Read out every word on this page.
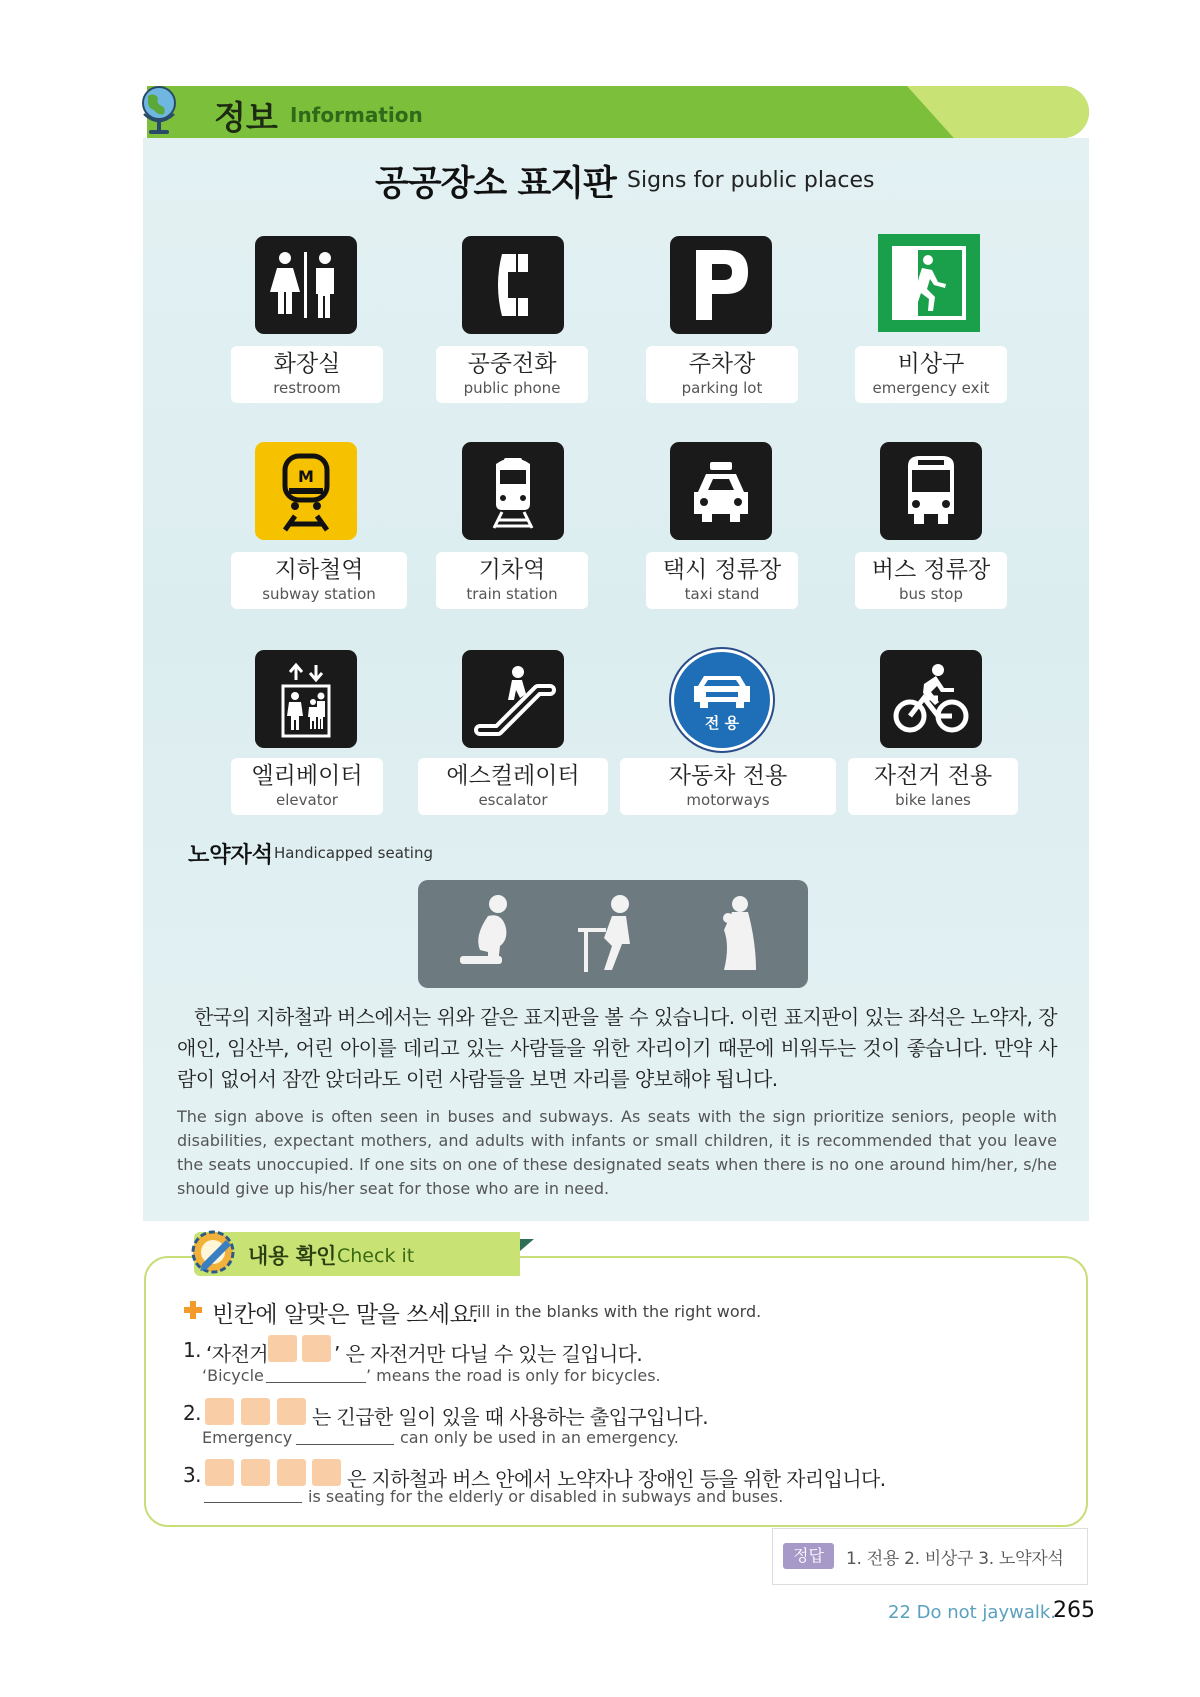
정보 Information
공공장소 표지판 Signs for public places
화장실
restroom
공중전화
public phone
주차장
parking lot
비상구
emergency exit
M
지하철역
subway station
기차역
train station
택시 정류장
taxi stand
버스 정류장
bus stop
엘리베이터
elevator
에스컬레이터
escalator
전 용
자동차 전용
motorways
자전거 전용
bike lanes
노약자석 Handicapped seating
한국의 지하철과 버스에서는 위와 같은 표지판을 볼 수 있습니다. 이런 표지판이 있는 좌석은 노약자, 장애인, 임산부, 어린 아이를 데리고 있는 사람들을 위한 자리이기 때문에 비워두는 것이 좋습니다. 만약 사람이 없어서 잠깐 앉더라도 이런 사람들을 보면 자리를 양보해야 됩니다.
The sign above is often seen in buses and subways. As seats with the sign prioritize seniors, people with disabilities, expectant mothers, and adults with infants or small children, it is recommended that you leave the seats unoccupied. If one sits on one of these designated seats when there is no one around him/her, s/he should give up his/her seat for those who are in need.
내용 확인 Check it
빈칸에 알맞은 말을 쓰세요.
Fill in the blanks with the right word.
1. ‘자전거	’ 은 자전거만 다닐 수 있는 길입니다.
‘Bicycle	’ means the road is only for bicycles.
2.	는 긴급한 일이 있을 때 사용하는 출입구입니다.
Emergency	can only be used in an emergency.
3.	은 지하철과 버스 안에서 노약자나 장애인 등을 위한 자리입니다.
is seating for the elderly or disabled in subways and buses.
정답	1. 전용 2. 비상구 3. 노약자석
22 Do not jaywalk.
265
